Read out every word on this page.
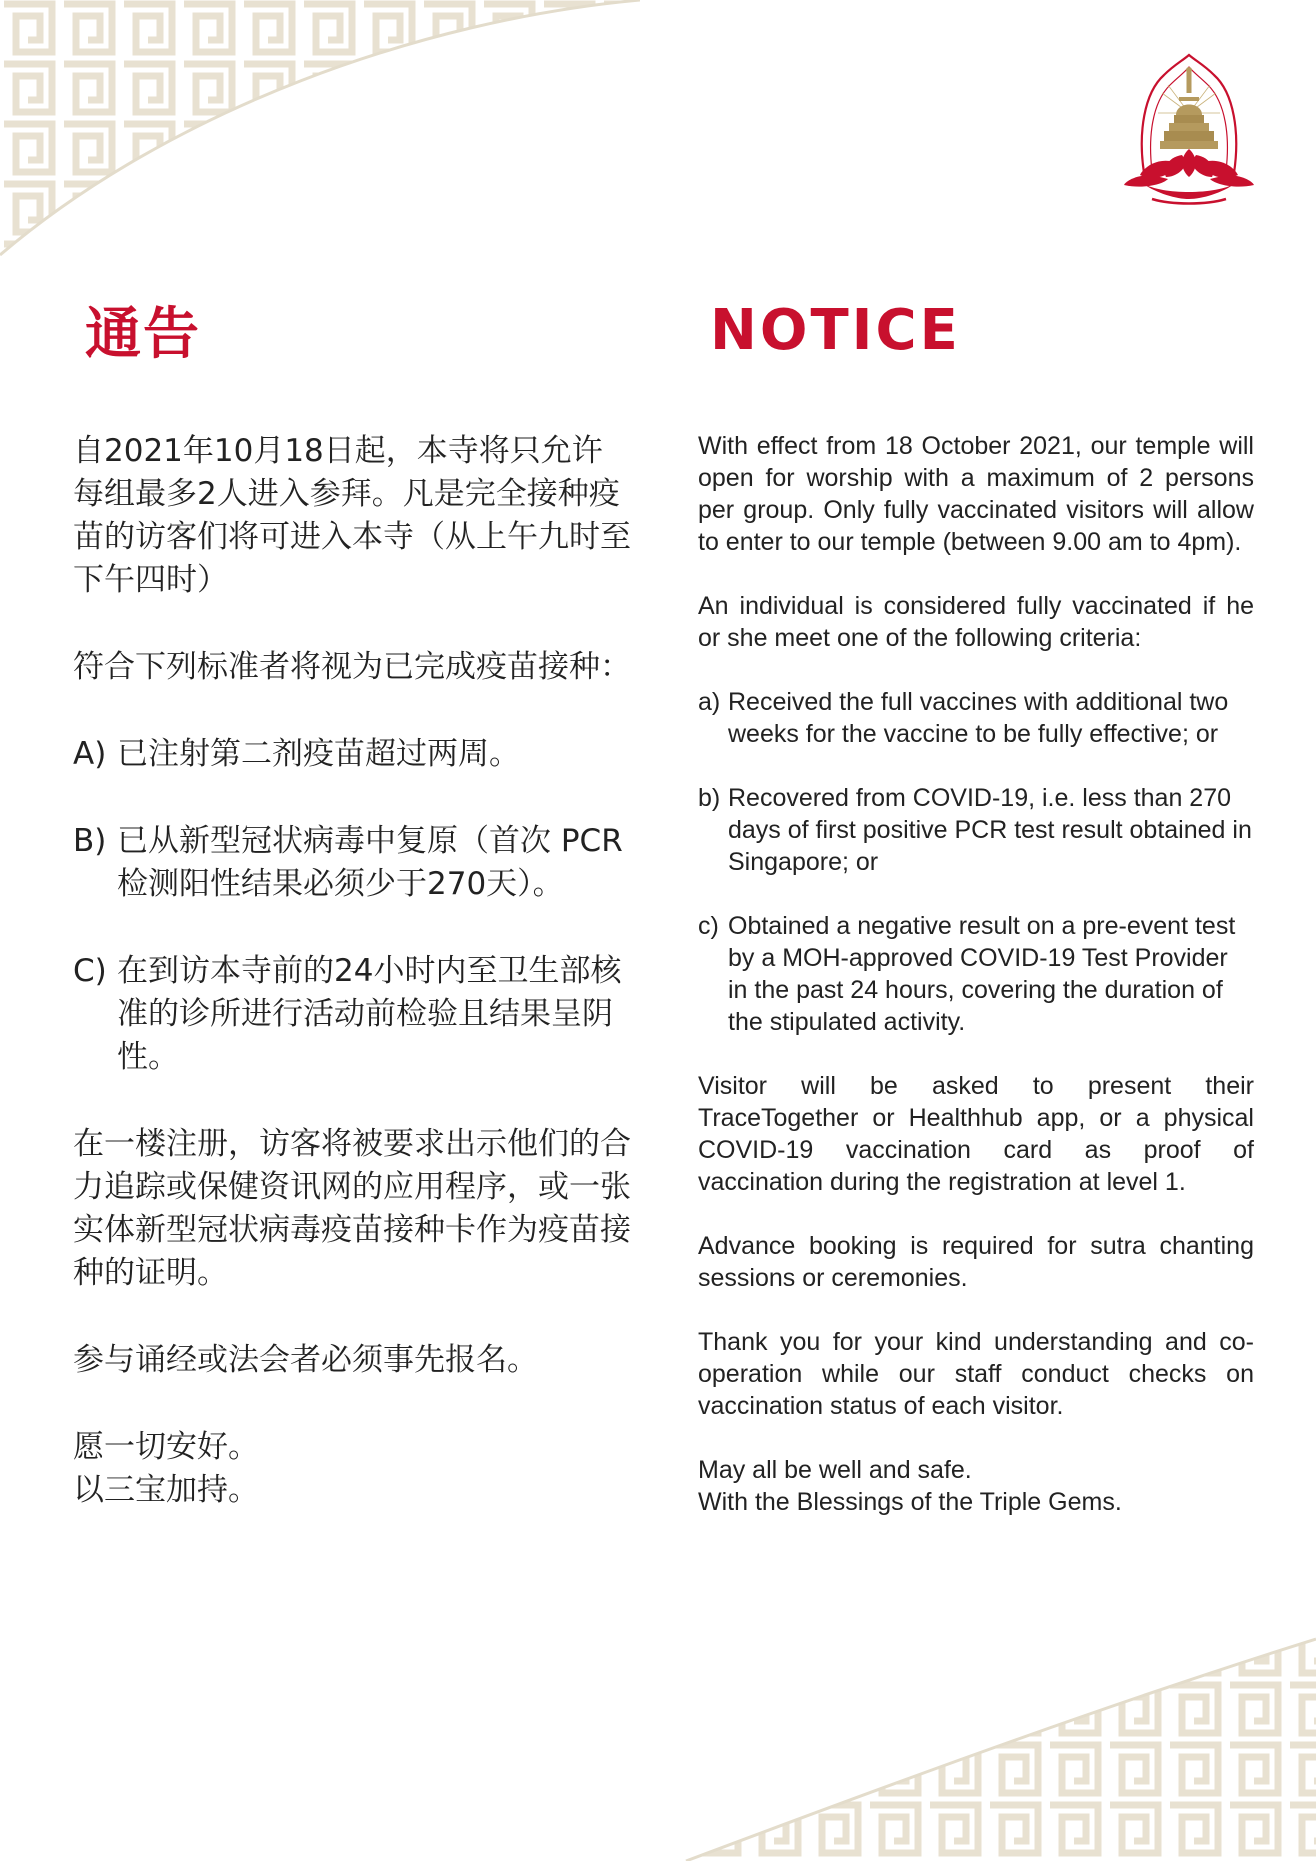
通告	NOTICE

自2021年10月18日起，本寺将只允许每组最多2人进入参拜。凡是完全接种疫苗的访客们将可进入本寺（从上午九时至下午四时）

符合下列标准者将视为已完成疫苗接种：

A) 已注射第二剂疫苗超过两周。
B) 已从新型冠状病毒中复原（首次 PCR 检测阳性结果必须少于270天）。
C) 在到访本寺前的24小时内至卫生部核准的诊所进行活动前检验且结果呈阴性。

在一楼注册，访客将被要求出示他们的合力追踪或保健资讯网的应用程序，或一张实体新型冠状病毒疫苗接种卡作为疫苗接种的证明。

参与诵经或法会者必须事先报名。

愿一切安好。
以三宝加持。

With effect from 18 October 2021, our temple will open for worship with a maximum of 2 persons per group. Only fully vaccinated visitors will allow to enter to our temple (between 9.00 am to 4pm).

An individual is considered fully vaccinated if he or she meet one of the following criteria:

a) Received the full vaccines with additional two weeks for the vaccine to be fully effective; or
b) Recovered from COVID-19, i.e. less than 270 days of first positive PCR test result obtained in Singapore; or
c) Obtained a negative result on a pre-event test by a MOH-approved COVID-19 Test Provider in the past 24 hours, covering the duration of the stipulated activity.

Visitor will be asked to present their TraceTogether or Healthhub app, or a physical COVID-19 vaccination card as proof of vaccination during the registration at level 1.

Advance booking is required for sutra chanting sessions or ceremonies.

Thank you for your kind understanding and co-operation while our staff conduct checks on vaccination status of each visitor.

May all be well and safe.
With the Blessings of the Triple Gems.
